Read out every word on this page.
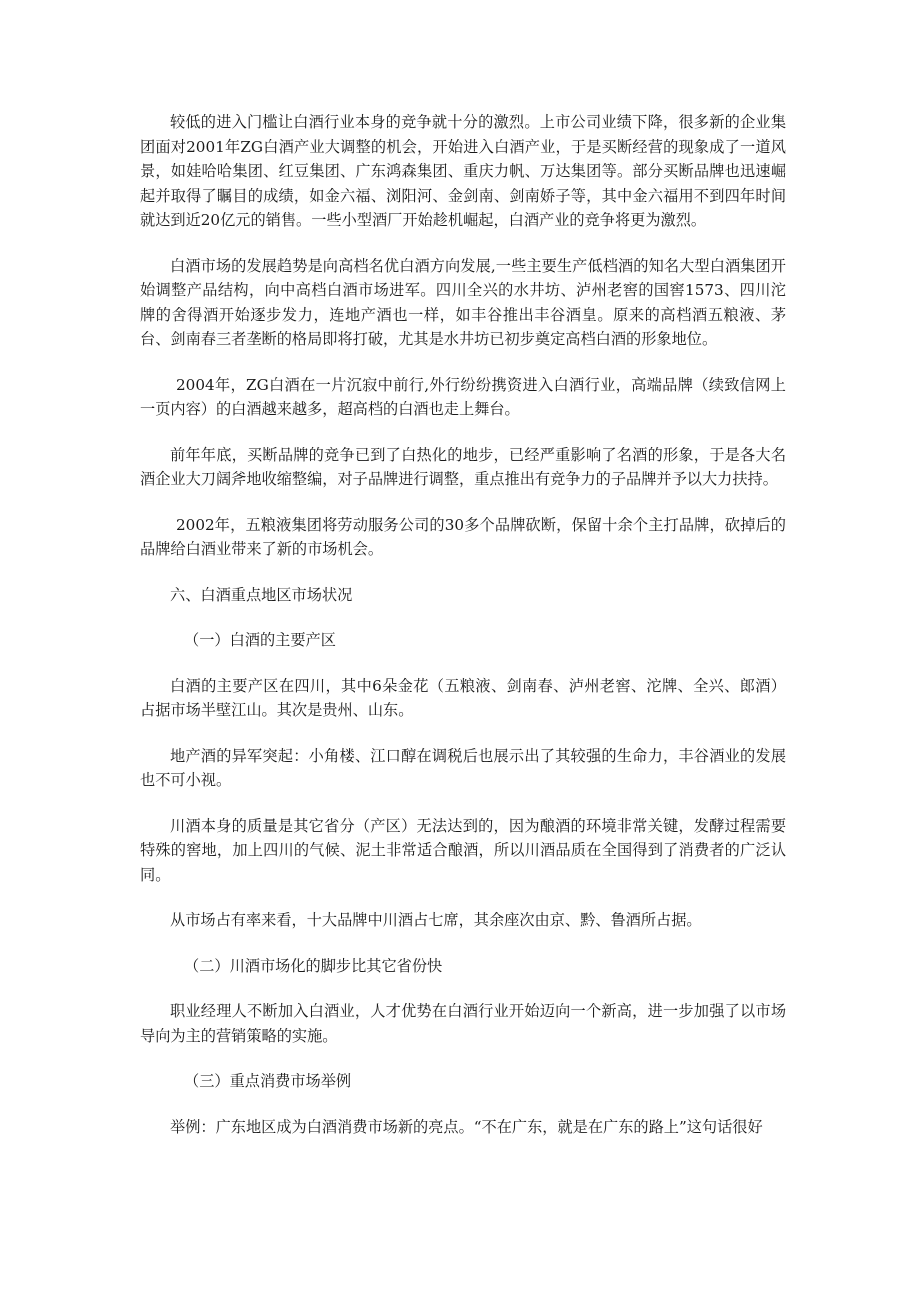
较低的进入门槛让白酒行业本身的竞争就十分的激烈。上市公司业绩下降，很多新的企业集团面对2001年ZG白酒产业大调整的机会，开始进入白酒产业，于是买断经营的现象成了一道风景，如娃哈哈集团、红豆集团、广东鸿森集团、重庆力帆、万达集团等。部分买断品牌也迅速崛起并取得了瞩目的成绩，如金六福、浏阳河、金剑南、剑南娇子等，其中金六福用不到四年时间就达到近20亿元的销售。一些小型酒厂开始趁机崛起，白酒产业的竞争将更为激烈。

白酒市场的发展趋势是向高档名优白酒方向发展,一些主要生产低档酒的知名大型白酒集团开始调整产品结构，向中高档白酒市场进军。四川全兴的水井坊、泸州老窖的国窖1573、四川沱牌的舍得酒开始逐步发力，连地产酒也一样，如丰谷推出丰谷酒皇。原来的高档酒五粮液、茅台、剑南春三者垄断的格局即将打破，尤其是水井坊已初步奠定高档白酒的形象地位。

2004年，ZG白酒在一片沉寂中前行,外行纷纷携资进入白酒行业，高端品牌（续致信网上一页内容）的白酒越来越多，超高档的白酒也走上舞台。

前年年底，买断品牌的竞争已到了白热化的地步，已经严重影响了名酒的形象，于是各大名酒企业大刀阔斧地收缩整编，对子品牌进行调整，重点推出有竞争力的子品牌并予以大力扶持。

2002年，五粮液集团将劳动服务公司的30多个品牌砍断，保留十余个主打品牌，砍掉后的品牌给白酒业带来了新的市场机会。

六、白酒重点地区市场状况

（一）白酒的主要产区

白酒的主要产区在四川，其中6朵金花（五粮液、剑南春、泸州老窖、沱牌、全兴、郎酒）占据市场半壁江山。其次是贵州、山东。

地产酒的异军突起：小角楼、江口醇在调税后也展示出了其较强的生命力，丰谷酒业的发展也不可小视。

川酒本身的质量是其它省分（产区）无法达到的，因为酿酒的环境非常关键，发酵过程需要特殊的窖地，加上四川的气候、泥土非常适合酿酒，所以川酒品质在全国得到了消费者的广泛认同。

从市场占有率来看，十大品牌中川酒占七席，其余座次由京、黔、鲁酒所占据。

（二）川酒市场化的脚步比其它省份快

职业经理人不断加入白酒业，人才优势在白酒行业开始迈向一个新高，进一步加强了以市场导向为主的营销策略的实施。

（三）重点消费市场举例

举例：广东地区成为白酒消费市场新的亮点。“不在广东，就是在广东的路上”这句话很好
